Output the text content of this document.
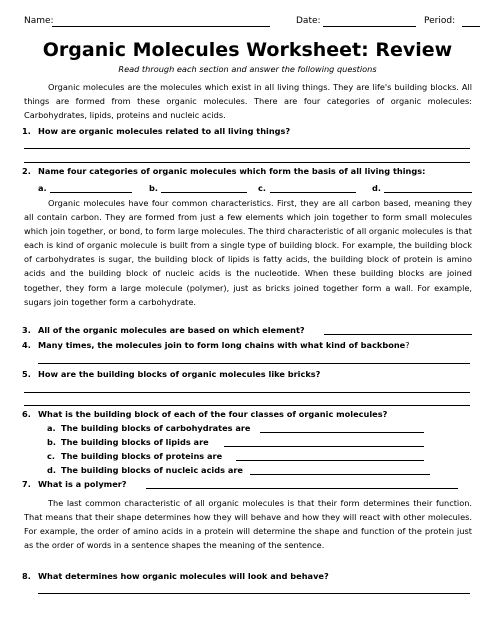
Name:	Date:	Period:
Organic Molecules Worksheet: Review
Read through each section and answer the following questions
Organic molecules are the molecules which exist in all living things. They are life's building blocks. All things are formed from these organic molecules. There are four categories of organic molecules: Carbohydrates, lipids, proteins and nucleic acids.
1. How are organic molecules related to all living things?
2. Name four categories of organic molecules which form the basis of all living things:
a.	b.	c.	d.
Organic molecules have four common characteristics. First, they are all carbon based, meaning they all contain carbon. They are formed from just a few elements which join together to form small molecules which join together, or bond, to form large molecules. The third characteristic of all organic molecules is that each is kind of organic molecule is built from a single type of building block. For example, the building block of carbohydrates is sugar, the building block of lipids is fatty acids, the building block of protein is amino acids and the building block of nucleic acids is the nucleotide. When these building blocks are joined together, they form a large molecule (polymer), just as bricks joined together form a wall. For example, sugars join together form a carbohydrate.
3. All of the organic molecules are based on which element?
4. Many times, the molecules join to form long chains with what kind of backbone?
5. How are the building blocks of organic molecules like bricks?
6. What is the building block of each of the four classes of organic molecules?
a. The building blocks of carbohydrates are
b. The building blocks of lipids are
c. The building blocks of proteins are
d. The building blocks of nucleic acids are
7. What is a polymer?
The last common characteristic of all organic molecules is that their form determines their function. That means that their shape determines how they will behave and how they will react with other molecules. For example, the order of amino acids in a protein will determine the shape and function of the protein just as the order of words in a sentence shapes the meaning of the sentence.
8. What determines how organic molecules will look and behave?
